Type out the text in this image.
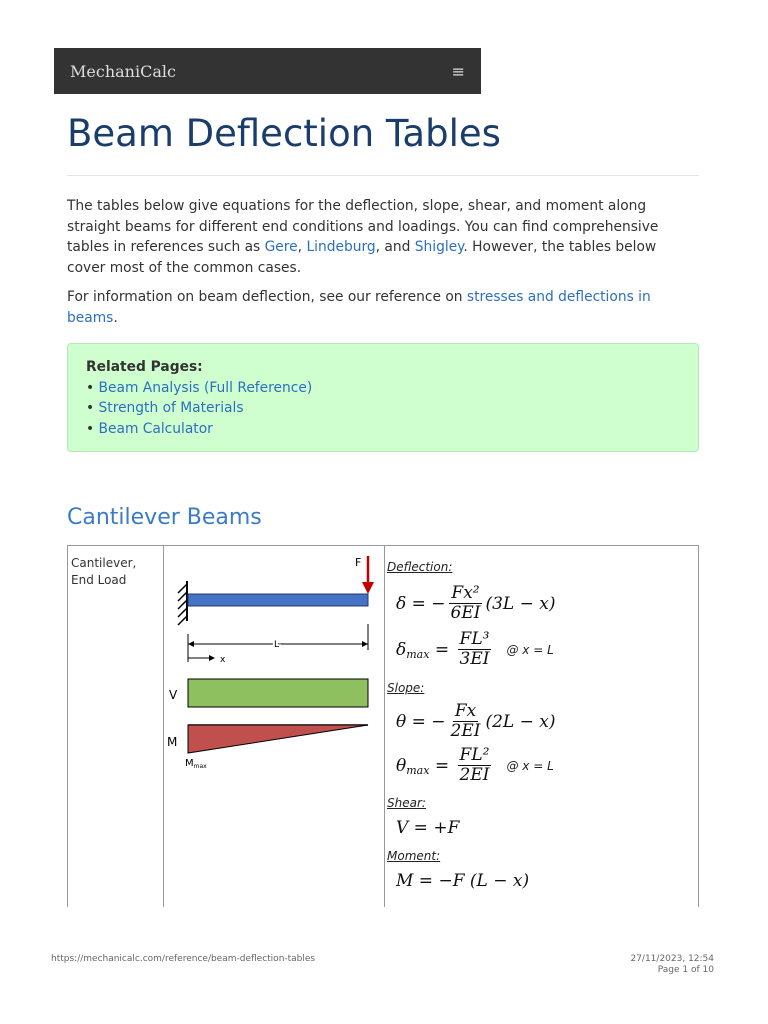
MechaniCalc	≡
Beam Deflection Tables

The tables below give equations for the deflection, slope, shear, and moment along straight beams for different end conditions and loadings. You can find comprehensive tables in references such as Gere, Lindeburg, and Shigley. However, the tables below cover most of the common cases.

For information on beam deflection, see our reference on stresses and deflections in beams.

Related Pages:
• Beam Analysis (Full Reference)
• Strength of Materials
• Beam Calculator
Cantilever Beams
Cantilever, End Load
F
L
x
V
M
$M_{max}$
Deflection:
δ = − $\frac{\text{Fx²}}{6EI} (3L - x)$
δ $\max = \frac{\text{FL³}}{3EI}$ @ x = L
Slope:
θ = − $\frac{Fx}{2EI} (2L - x)$
θ $\max = \frac{\text{FL²}}{2EI}$ @ x = L
Shear:
V = +F
Moment:
M = −F (L − x)
https://mechanicalc.com/reference/beam-deflection-tables	27/11/2023, 12:54
Page 1 of 10
